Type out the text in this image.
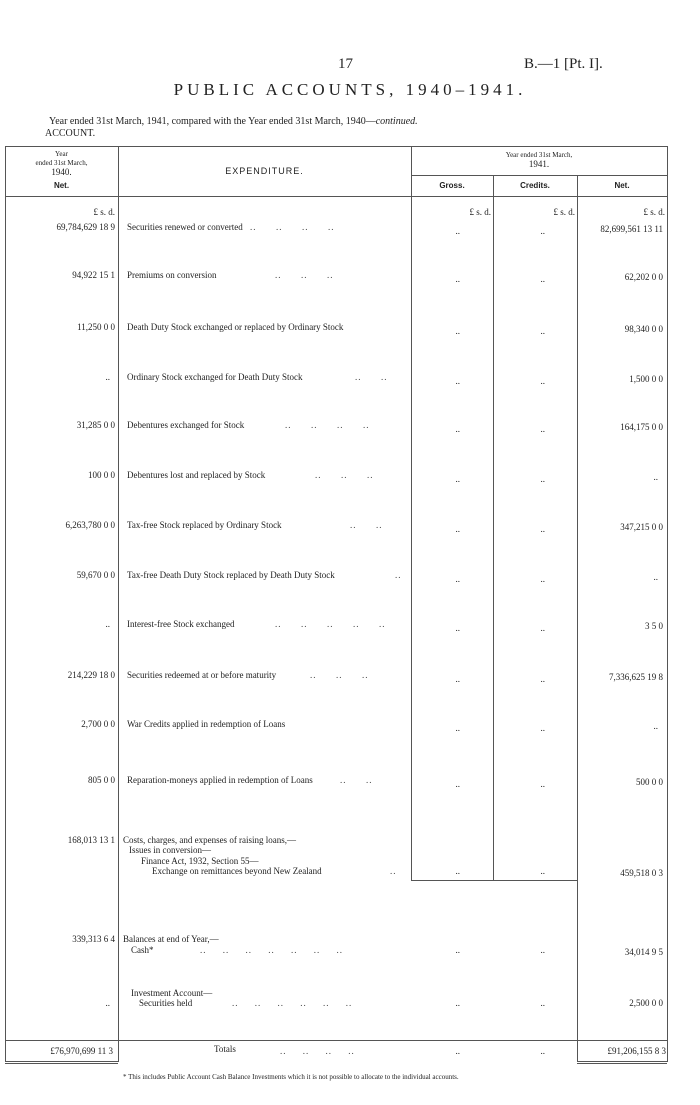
17	B.—1 [Pt. I].
PUBLIC ACCOUNTS, 1940–1941.
Year ended 31st March, 1941, compared with the Year ended 31st March, 1940—continued.
ACCOUNT.
Year
ended 31st March,
1940.
Net.
EXPENDITURE.
Year ended 31st March,
1941.
Gross.	Credits.	Net.
£ s. d.	£ s. d.	£ s. d.	£ s. d.
69,784,629 18 9 Securities renewed or converted ..      ..      ..      ..	..	..	82,699,561 13 11
94,922 15 1 Premiums on conversion	..      ..      ..	..	..	62,202 0 0
11,250 0 0 Death Duty Stock exchanged or replaced by Ordinary Stock	..	..	98,340 0 0
.. Ordinary Stock exchanged for Death Duty Stock	..      ..	..	..	1,500 0 0
31,285 0 0 Debentures exchanged for Stock	..      ..      ..      ..	..	..	164,175 0 0
100 0 0 Debentures lost and replaced by Stock	..      ..      ..	..	..	..
6,263,780 0 0 Tax-free Stock replaced by Ordinary Stock	..      ..	..	..	347,215 0 0
59,670 0 0 Tax-free Death Duty Stock replaced by Death Duty Stock	..	..	..	..
.. Interest-free Stock exchanged	..      ..      ..      ..      ..	..	..	3 5 0
214,229 18 0 Securities redeemed at or before maturity	..      ..      ..	..	..	7,336,625 19 8
2,700 0 0 War Credits applied in redemption of Loans	..	..	..
805 0 0 Reparation-moneys applied in redemption of Loans	..      ..	..	..	500 0 0
168,013 13 1 Costs, charges, and expenses of raising loans,—
Issues in conversion—
Finance Act, 1932, Section 55—
Exchange on remittances beyond New Zealand	..	..	..	459,518 0 3
339,313 6 4 Balances at end of Year,—
Cash*	..     ..     ..     ..     ..     ..     ..	..	..	34,014 9 5
..
Investment Account—
Securities held	..     ..     ..     ..     ..     ..	..	..	2,500 0 0
£76,970,699 11 3	Totals	..     ..     ..     ..	..	..	£91,206,155 8 3
* This includes Public Account Cash Balance Investments which it is not possible to allocate to the individual accounts.
